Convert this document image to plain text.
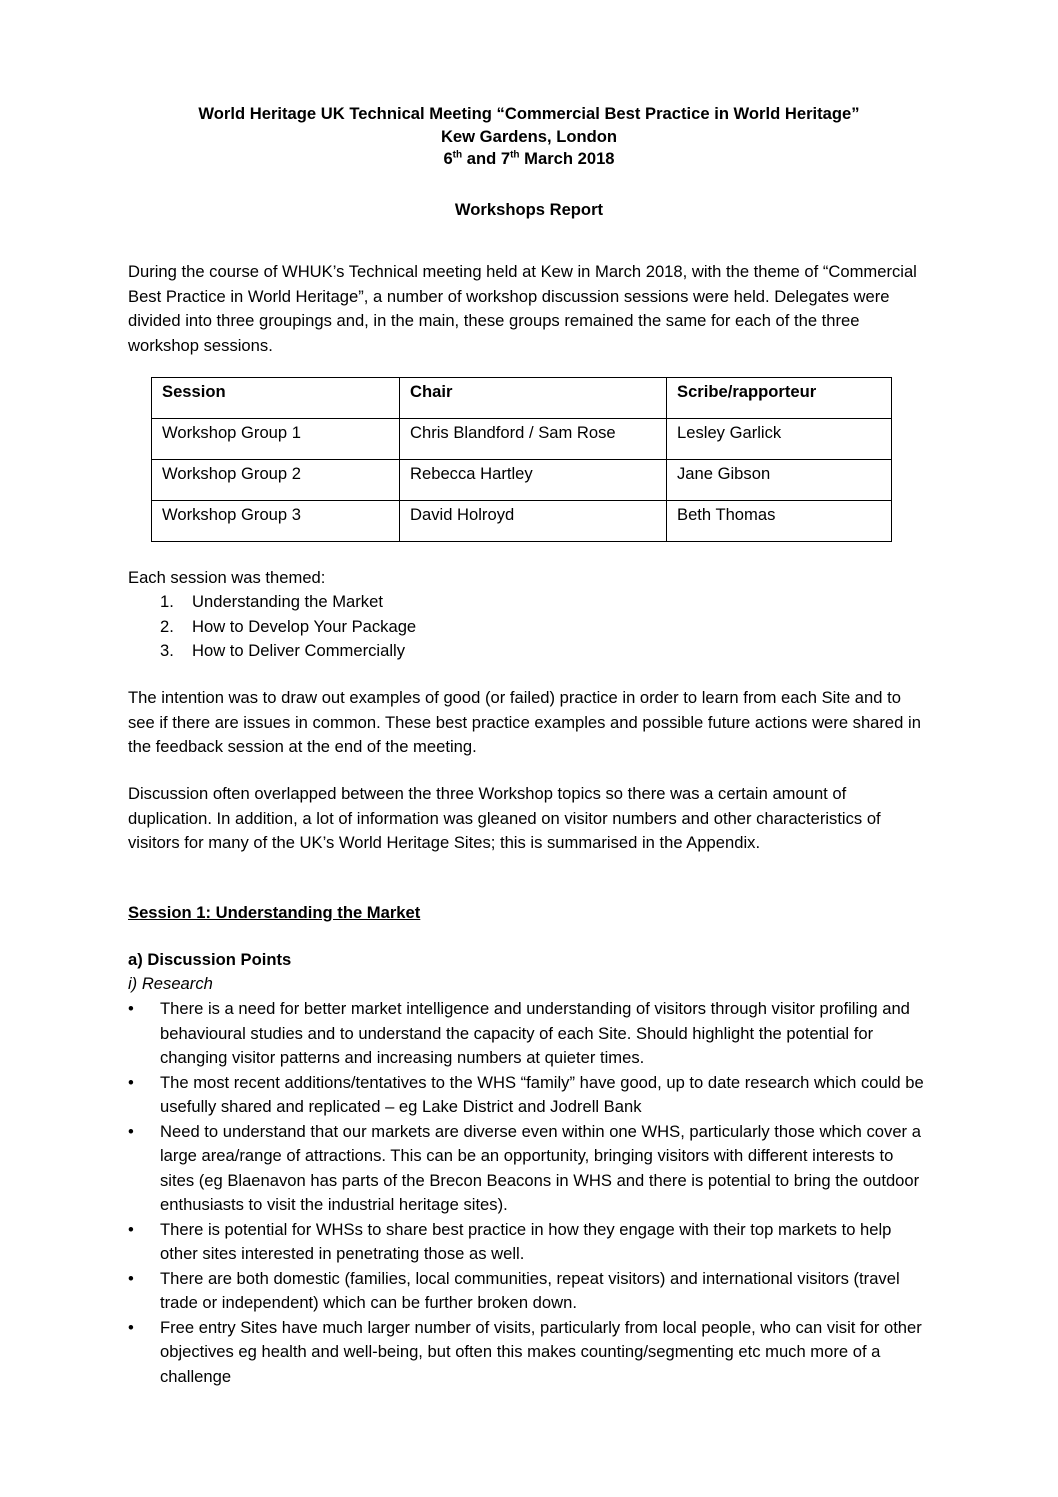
World Heritage UK Technical Meeting “Commercial Best Practice in World Heritage”
Kew Gardens, London
6th and 7th March 2018
Workshops Report

During the course of WHUK’s Technical meeting held at Kew in March 2018, with the theme of “Commercial Best Practice in World Heritage”, a number of workshop discussion sessions were held. Delegates were divided into three groupings and, in the main, these groups remained the same for each of the three workshop sessions.

Session	Chair	Scribe/rapporteur
Workshop Group 1	Chris Blandford / Sam Rose	Lesley Garlick
Workshop Group 2	Rebecca Hartley	Jane Gibson
Workshop Group 3	David Holroyd	Beth Thomas

Each session was themed:

1. Understanding the Market
2. How to Develop Your Package
3. How to Deliver Commercially

The intention was to draw out examples of good (or failed) practice in order to learn from each Site and to see if there are issues in common. These best practice examples and possible future actions were shared in the feedback session at the end of the meeting.

Discussion often overlapped between the three Workshop topics so there was a certain amount of duplication. In addition, a lot of information was gleaned on visitor numbers and other characteristics of visitors for many of the UK’s World Heritage Sites; this is summarised in the Appendix.

Session 1: Understanding the Market
a) Discussion Points
i) Research
• There is a need for better market intelligence and understanding of visitors through visitor profiling and behavioural studies and to understand the capacity of each Site. Should highlight the potential for changing visitor patterns and increasing numbers at quieter times.
• The most recent additions/tentatives to the WHS “family” have good, up to date research which could be usefully shared and replicated – eg Lake District and Jodrell Bank
• Need to understand that our markets are diverse even within one WHS, particularly those which cover a large area/range of attractions. This can be an opportunity, bringing visitors with different interests to sites (eg Blaenavon has parts of the Brecon Beacons in WHS and there is potential to bring the outdoor enthusiasts to visit the industrial heritage sites).
• There is potential for WHSs to share best practice in how they engage with their top markets to help other sites interested in penetrating those as well.
• There are both domestic (families, local communities, repeat visitors) and international visitors (travel trade or independent) which can be further broken down.
• Free entry Sites have much larger number of visits, particularly from local people, who can visit for other objectives eg health and well-being, but often this makes counting/segmenting etc much more of a challenge
